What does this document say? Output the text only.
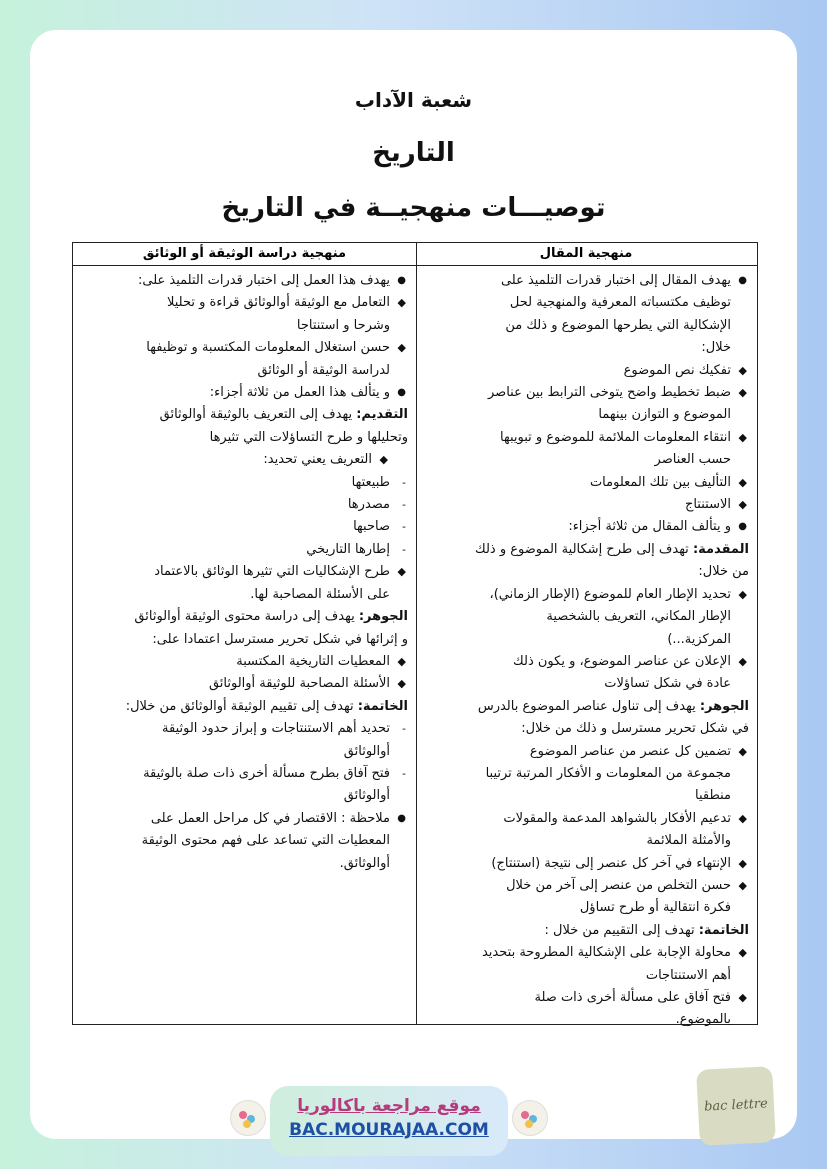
شعبة الآداب
التاريخ
توصيـــات منهجيــة في التاريخ
منهجية المقال
●
يهدف المقال إلى اختبار قدرات التلميذ على
توظيف مكتسباته المعرفية والمنهجية لحل
الإشكالية التي يطرحها الموضوع و ذلك من
خلال:
◆
تفكيك نص الموضوع
◆
ضبط تخطيط واضح يتوخى الترابط بين عناصر
الموضوع و التوازن بينهما
◆
انتقاء المعلومات الملائمة للموضوع و تبويبها
حسب العناصر
◆
التأليف بين تلك المعلومات
◆
الاستنتاج
●
و يتألف المقال من ثلاثة أجزاء:
المقدمة: تهدف إلى طرح إشكالية الموضوع و ذلك
من خلال:
◆
تحديد الإطار العام للموضوع (الإطار الزماني)،
الإطار المكاني، التعريف بالشخصية
المركزية...)
◆
الإعلان عن عناصر الموضوع، و يكون ذلك
عادة في شكل تساؤلات
الجوهر: يهدف إلى تناول عناصر الموضوع بالدرس
في شكل تحرير مسترسل و ذلك من خلال:
◆
تضمين كل عنصر من عناصر الموضوع
مجموعة من المعلومات و الأفكار المرتبة ترتيبا
منطقيا
◆
تدعيم الأفكار بالشواهد المدعمة والمقولات
والأمثلة الملائمة
◆
الإنتهاء في آخر كل عنصر إلى نتيجة (استنتاج)
◆
حسن التخلص من عنصر إلى آخر من خلال
فكرة انتقالية أو طرح تساؤل
الخاتمة: تهدف إلى التقييم من خلال :
◆
محاولة الإجابة على الإشكالية المطروحة بتحديد
أهم الاستنتاجات
◆
فتح آفاق على مسألة أخرى ذات صلة
بالموضوع.
منهجية دراسة الوثيقة أو الوثائق
●
يهدف هذا العمل إلى اختبار قدرات التلميذ على:
◆
التعامل مع الوثيقة أوالوثائق قراءة و تحليلا
وشرحا و استنتاجا
◆
حسن استغلال المعلومات المكتسبة و توظيفها
لدراسة الوثيقة أو الوثائق
●
و يتألف هذا العمل من ثلاثة أجزاء:
التقديم: يهدف إلى التعريف بالوثيقة أوالوثائق
وتحليلها و طرح التساؤلات التي تثيرها
◆
التعريف يعني تحديد:
-
طبيعتها
-
مصدرها
-
صاحبها
-
إطارها التاريخي
◆
طرح الإشكاليات التي تثيرها الوثائق بالاعتماد
على الأسئلة المصاحبة لها.
الجوهر: يهدف إلى دراسة محتوى الوثيقة أوالوثائق
و إثرائها في شكل تحرير مسترسل اعتمادا على:
◆
المعطيات التاريخية المكتسبة
◆
الأسئلة المصاحبة للوثيقة أوالوثائق
الخاتمة: تهدف إلى تقييم الوثيقة أوالوثائق من خلال:
-
تحديد أهم الاستنتاجات و إبراز حدود الوثيقة
أوالوثائق
-
فتح آفاق بطرح مسألة أخرى ذات صلة بالوثيقة
أوالوثائق
●
ملاحظة : الاقتصار في كل مراحل العمل على
المعطيات التي تساعد على فهم محتوى الوثيقة
أوالوثائق.
موقع مراجعة باكالوريا
BAC.MOURAJAA.COM
bac lettre
